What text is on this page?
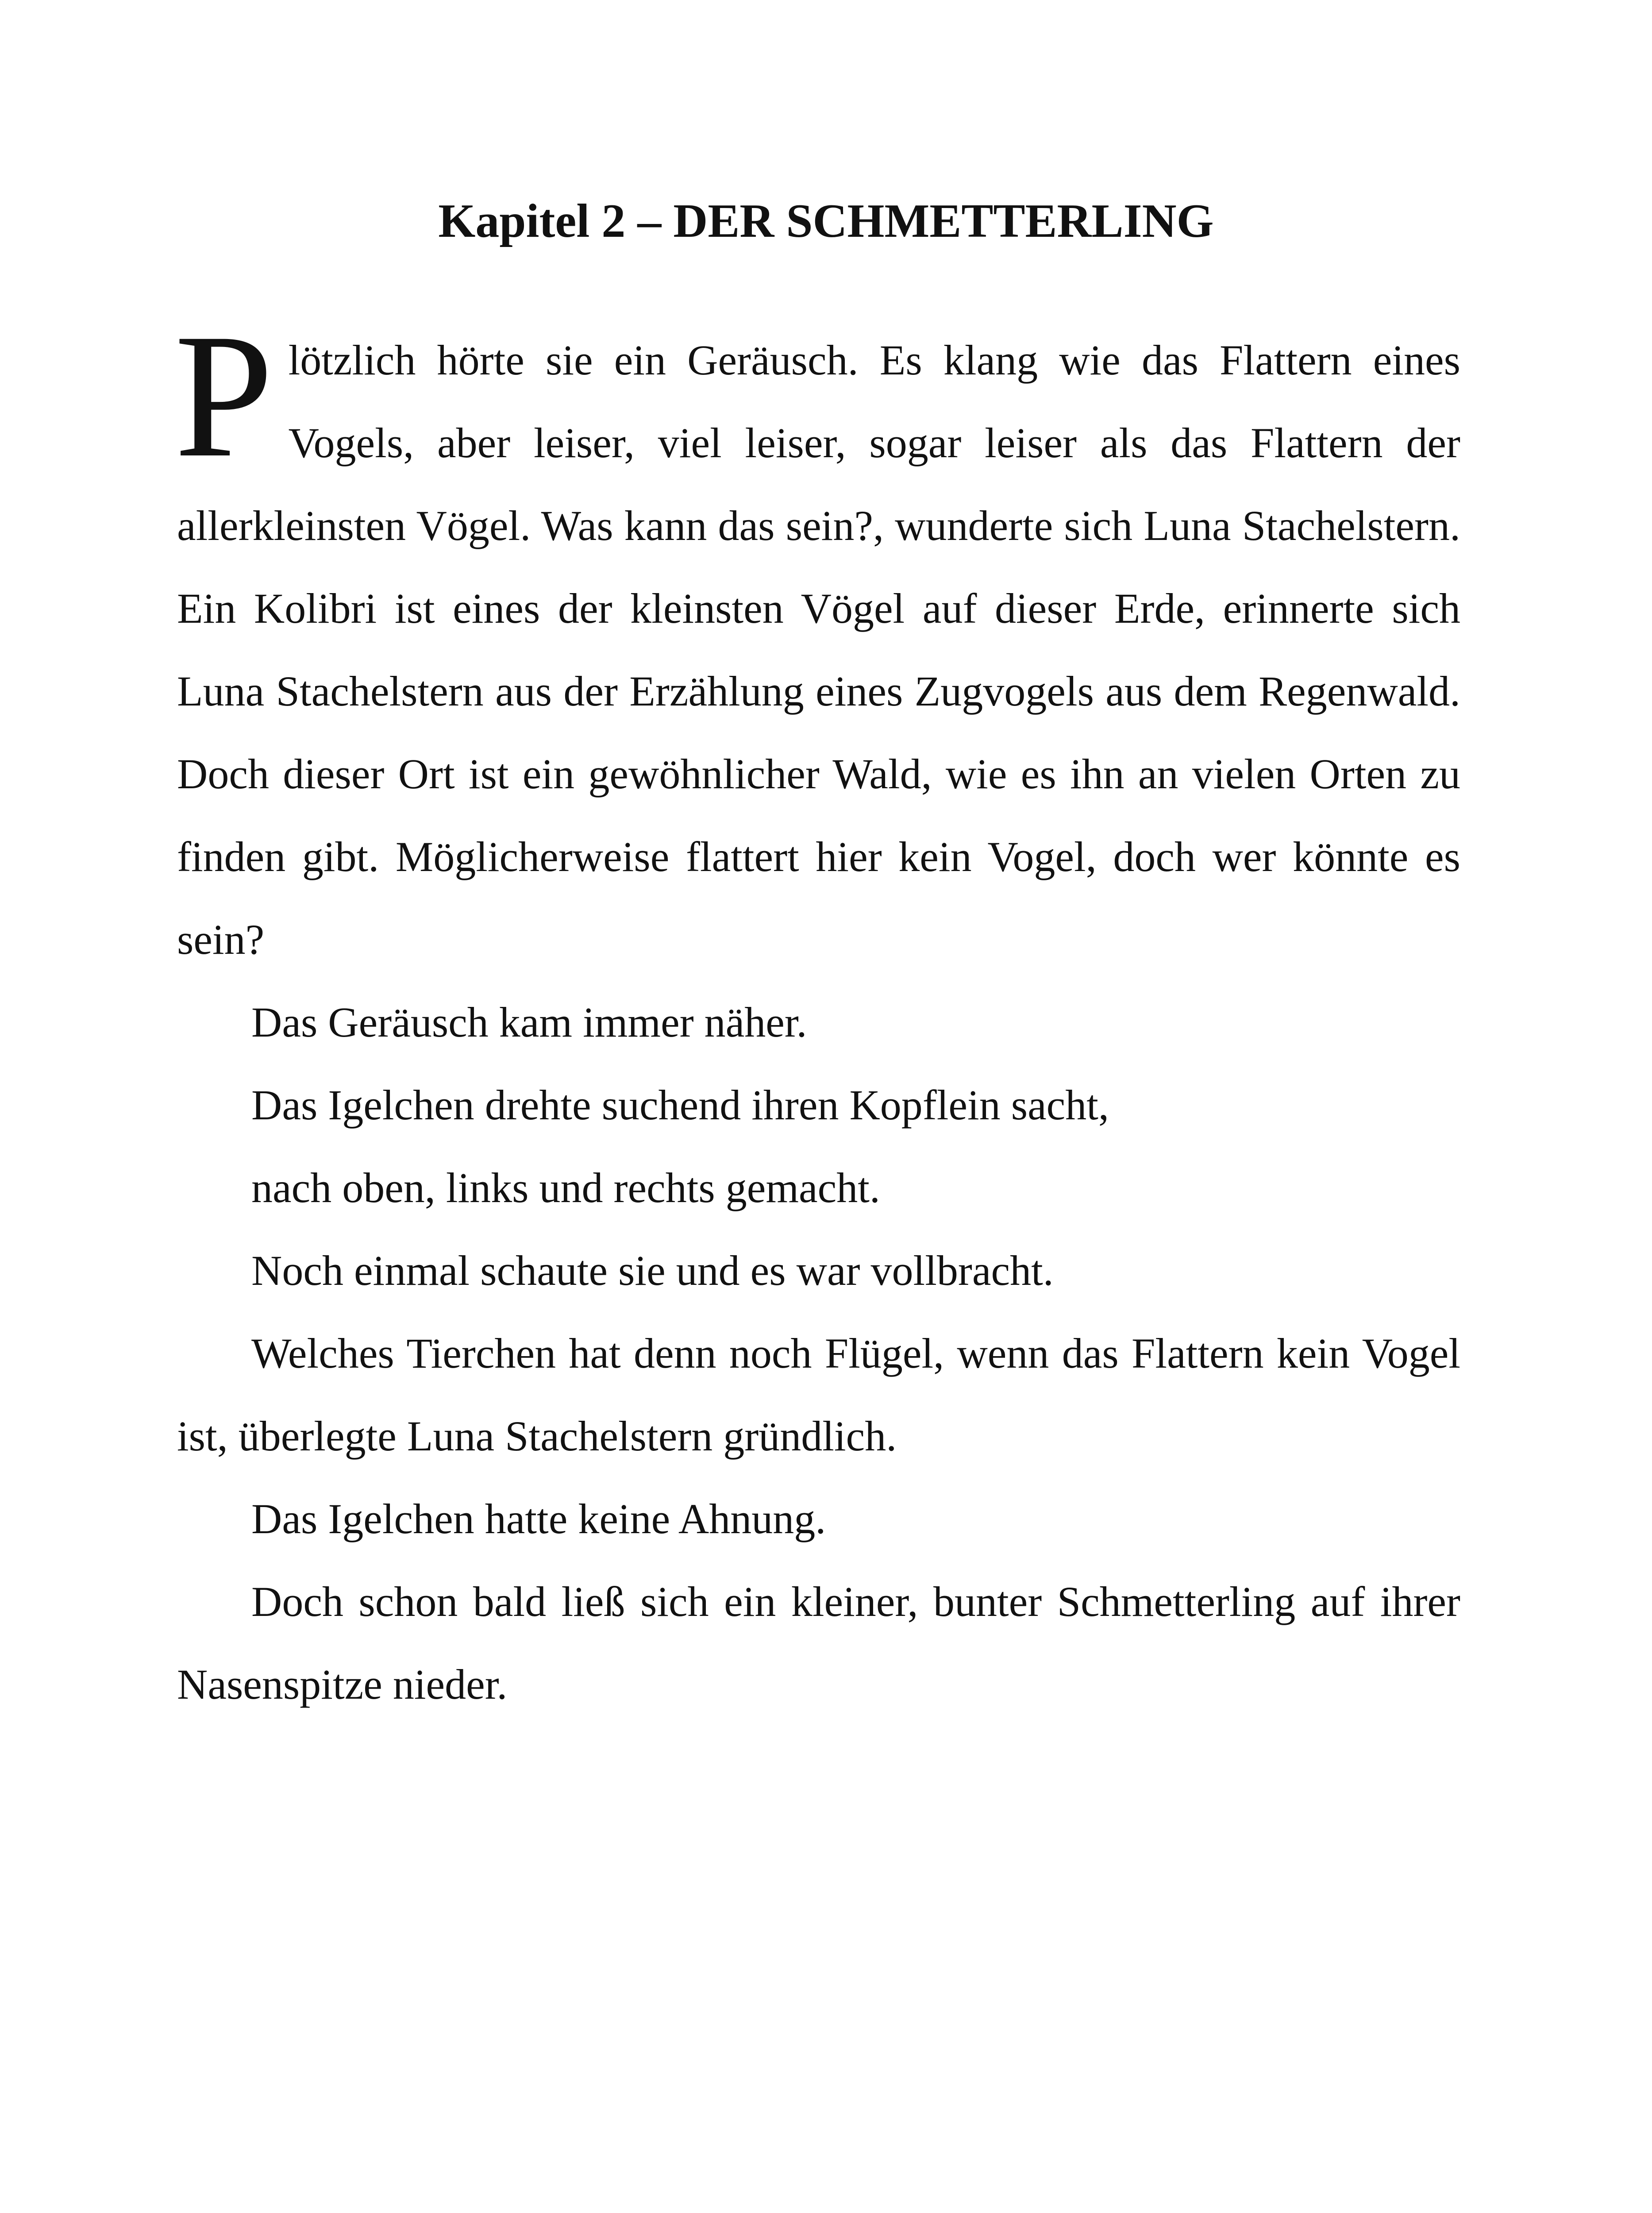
Kapitel 2 – DER SCHMETTERLING

Plötzlich hörte sie ein Geräusch. Es klang wie das Flattern eines Vogels, aber leiser, viel leiser, sogar leiser als das Flattern der allerkleinsten Vögel. Was kann das sein?, wunderte sich Luna Stachelstern. Ein Kolibri ist eines der kleinsten Vögel auf dieser Erde, erinnerte sich Luna Stachelstern aus der Erzählung eines Zugvogels aus dem Regenwald. Doch dieser Ort ist ein gewöhnlicher Wald, wie es ihn an vielen Orten zu finden gibt. Möglicherweise flattert hier kein Vogel, doch wer könnte es sein?

Das Geräusch kam immer näher.

Das Igelchen drehte suchend ihren Kopflein sacht,

nach oben, links und rechts gemacht.

Noch einmal schaute sie und es war vollbracht.

Welches Tierchen hat denn noch Flügel, wenn das Flattern kein Vogel ist, überlegte Luna Stachelstern gründlich.

Das Igelchen hatte keine Ahnung.

Doch schon bald ließ sich ein kleiner, bunter Schmetterling auf ihrer Nasenspitze nieder.
